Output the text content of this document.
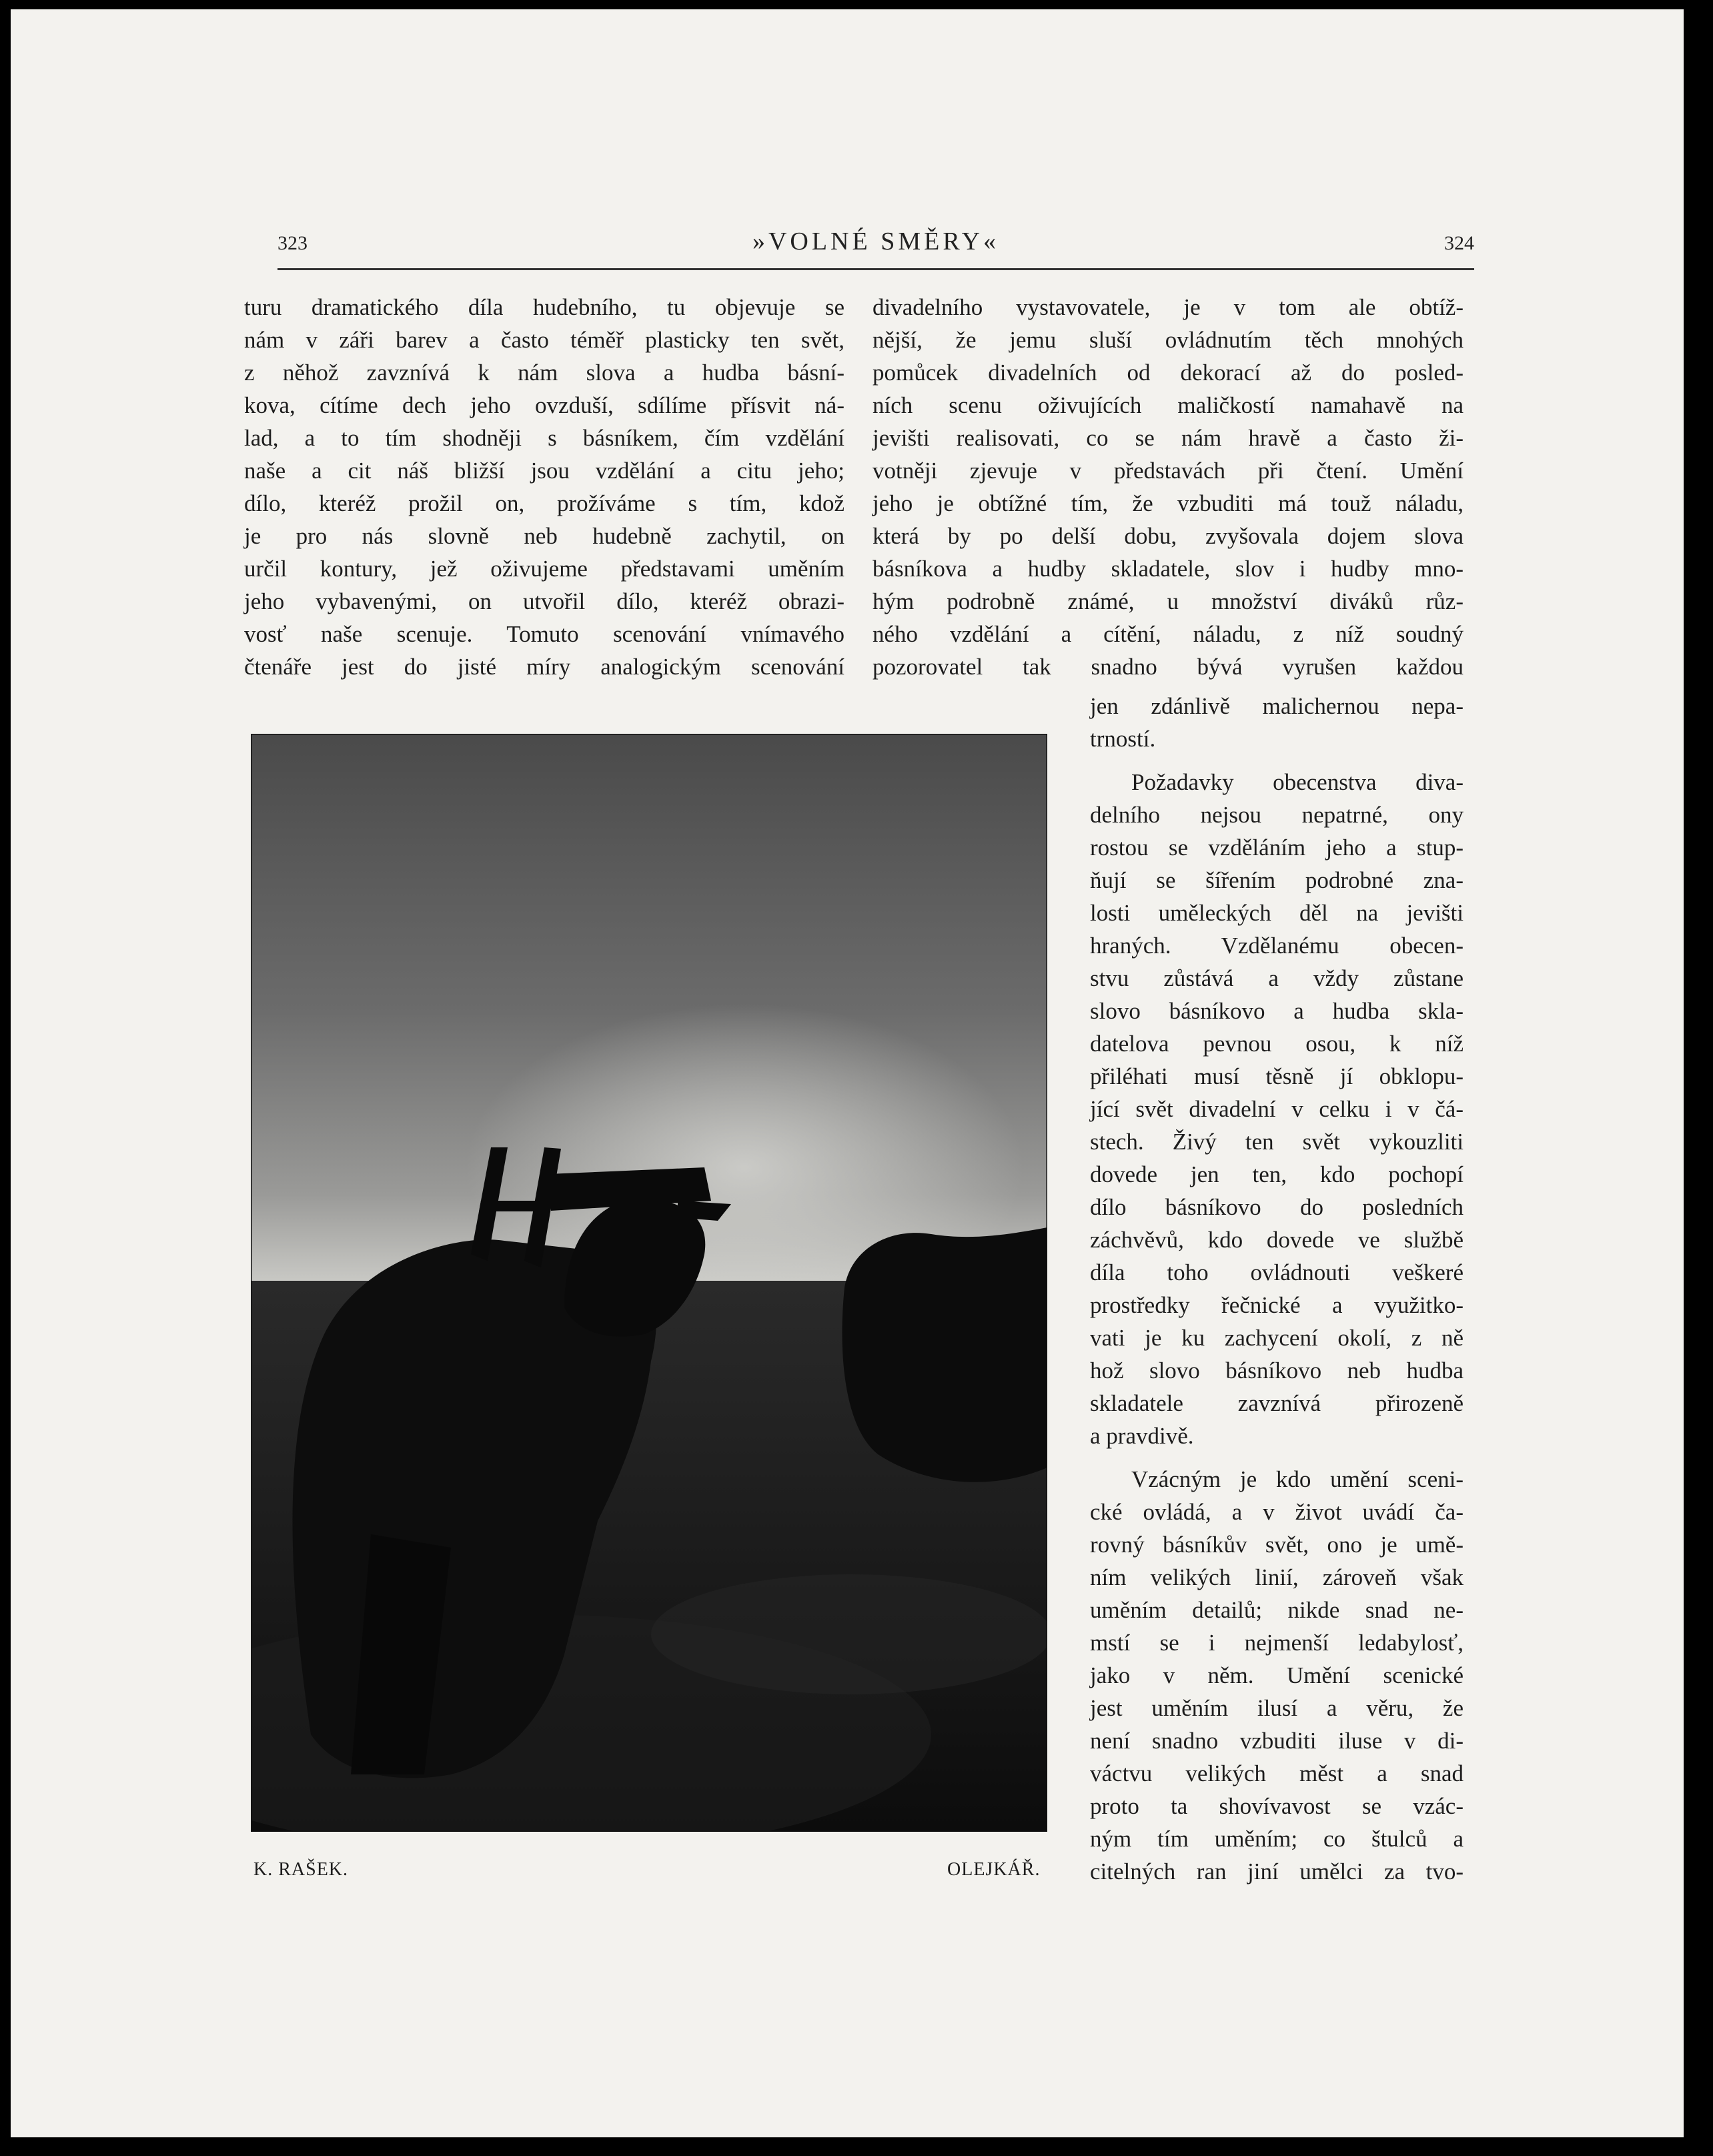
323	»VOLNÉ SMĚRY«	324
turu dramatického díla hudebního, tu objevuje se
nám v záři barev a často téměř plasticky ten svět,
z něhož zavznívá k nám slova a hudba básní-
kova, cítíme dech jeho ovzduší, sdílíme přísvit ná-
lad, a to tím shodněji s básníkem, čím vzdělání
naše a cit náš bližší jsou vzdělání a citu jeho;
dílo, kteréž prožil on, prožíváme s tím, kdož
je pro nás slovně neb hudebně zachytil, on
určil kontury, jež oživujeme představami uměním
jeho vybavenými, on utvořil dílo, kteréž obrazi-
vosť naše scenuje. Tomuto scenování vnímavého
čtenáře jest do jisté míry analogickým scenování
divadelního vystavovatele, je v tom ale obtíž-
nější, že jemu sluší ovládnutím těch mnohých
pomůcek divadelních od dekorací až do posled-
ních scenu oživujících maličkostí namahavě na
jevišti realisovati, co se nám hravě a často ži-
votněji zjevuje v představách při čtení. Umění
jeho je obtížné tím, že vzbuditi má touž náladu,
která by po delší dobu, zvyšovala dojem slova
básníkova a hudby skladatele, slov i hudby mno-
hým podrobně známé, u množství diváků růz-
ného vzdělání a cítění, náladu, z níž soudný
pozorovatel tak snadno bývá vyrušen každou
jen zdánlivě malichernou nepa-
trností.
Požadavky obecenstva diva-
delního nejsou nepatrné, ony
rostou se vzděláním jeho a stup-
ňují se šířením podrobné zna-
losti uměleckých děl na jevišti
hraných. Vzdělanému obecen-
stvu zůstává a vždy zůstane
slovo básníkovo a hudba skla-
datelova pevnou osou, k níž
přiléhati musí těsně jí obklopu-
jící svět divadelní v celku i v čá-
stech. Živý ten svět vykouzliti
dovede jen ten, kdo pochopí
dílo básníkovo do posledních
záchvěvů, kdo dovede ve službě
díla toho ovládnouti veškeré
prostředky řečnické a využitko-
vati je ku zachycení okolí, z ně
hož slovo básníkovo neb hudba
skladatele zavznívá přirozeně
a pravdivě.
Vzácným je kdo umění sceni-
cké ovládá, a v život uvádí ča-
rovný básníkův svět, ono je umě-
ním velikých linií, zároveň však
uměním detailů; nikde snad ne-
mstí se i nejmenší ledabylosť,
jako v něm. Umění scenické
jest uměním ilusí a věru, že
není snadno vzbuditi iluse v di-
váctvu velikých měst a snad
proto ta shovívavost se vzác-
ným tím uměním; co štulců a
citelných ran jiní umělci za tvo-
K. RAŠEK.	OLEJKÁŘ.
